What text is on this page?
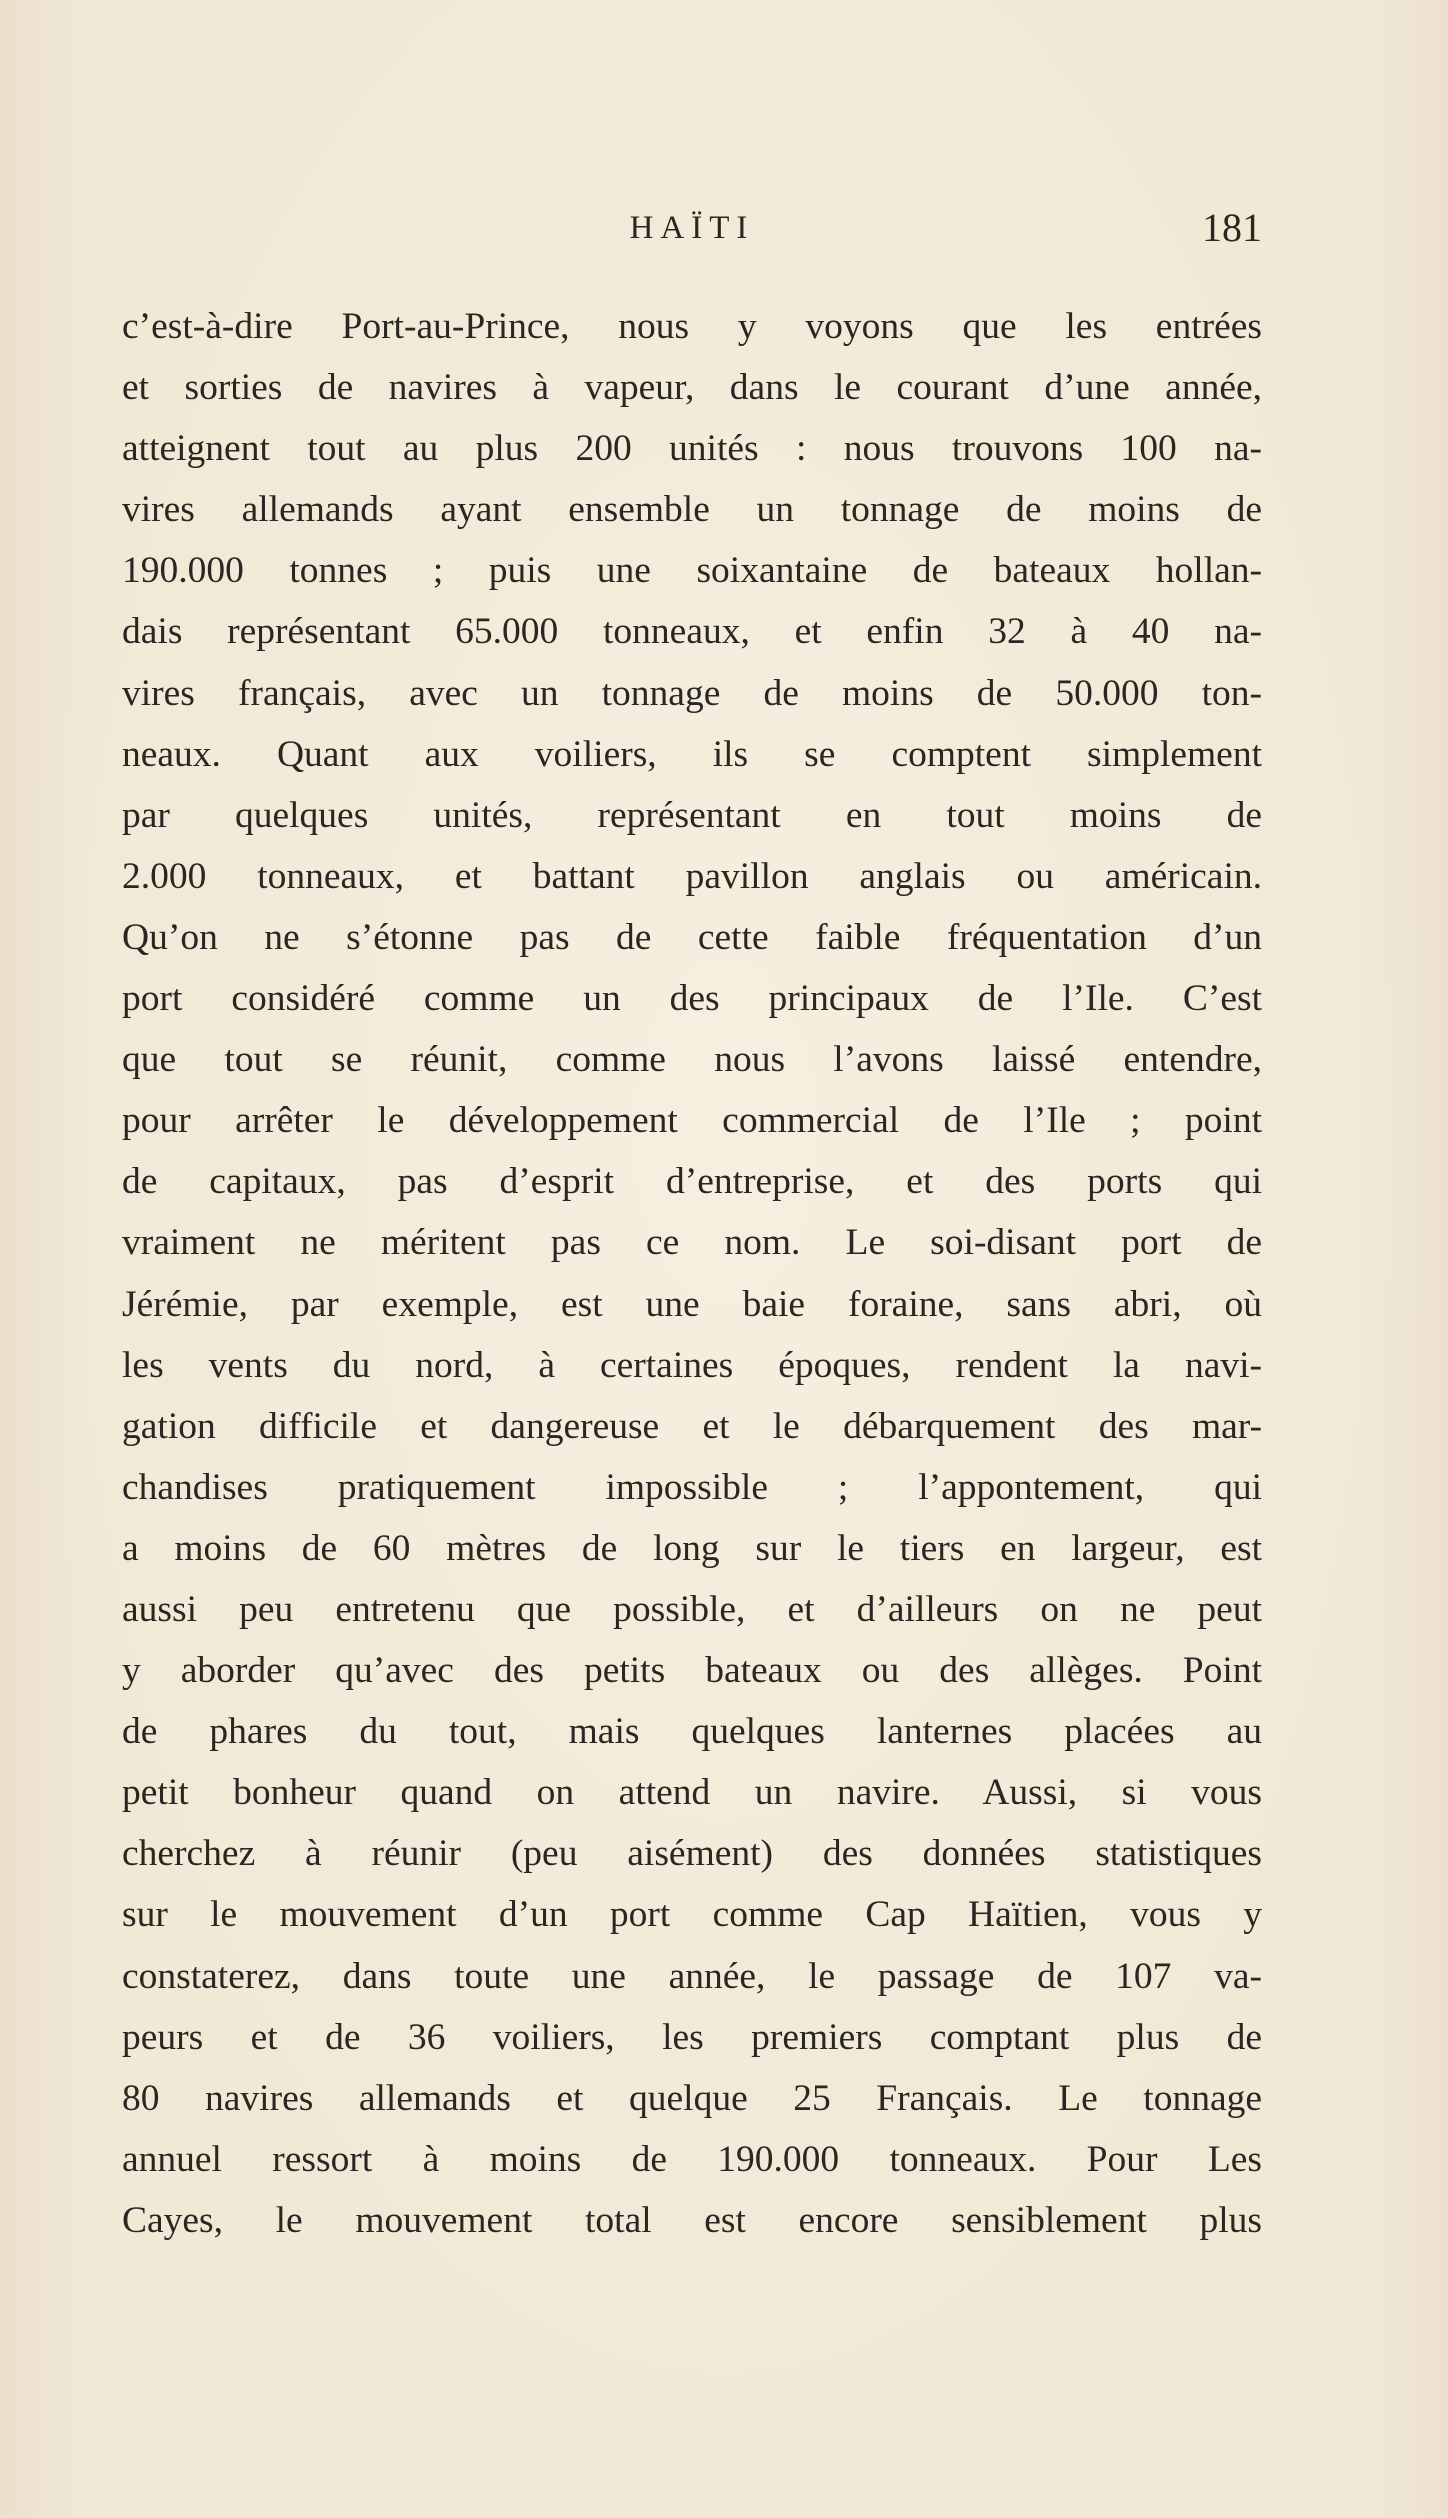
HAÏTI	181
c’est-à-dire Port-au-Prince, nous y voyons que les entrées
et sorties de navires à vapeur, dans le courant d’une année,
atteignent tout au plus 200 unités : nous trouvons 100 na-
vires allemands ayant ensemble un tonnage de moins de
190.000 tonnes ; puis une soixantaine de bateaux hollan-
dais représentant 65.000 tonneaux, et enfin 32 à 40 na-
vires français, avec un tonnage de moins de 50.000 ton-
neaux. Quant aux voiliers, ils se comptent simplement
par quelques unités, représentant en tout moins de
2.000 tonneaux, et battant pavillon anglais ou américain.
Qu’on ne s’étonne pas de cette faible fréquentation d’un
port considéré comme un des principaux de l’Ile. C’est
que tout se réunit, comme nous l’avons laissé entendre,
pour arrêter le développement commercial de l’Ile ; point
de capitaux, pas d’esprit d’entreprise, et des ports qui
vraiment ne méritent pas ce nom. Le soi-disant port de
Jérémie, par exemple, est une baie foraine, sans abri, où
les vents du nord, à certaines époques, rendent la navi-
gation difficile et dangereuse et le débarquement des mar-
chandises pratiquement impossible ; l’appontement, qui
a moins de 60 mètres de long sur le tiers en largeur, est
aussi peu entretenu que possible, et d’ailleurs on ne peut
y aborder qu’avec des petits bateaux ou des allèges. Point
de phares du tout, mais quelques lanternes placées au
petit bonheur quand on attend un navire. Aussi, si vous
cherchez à réunir (peu aisément) des données statistiques
sur le mouvement d’un port comme Cap Haïtien, vous y
constaterez, dans toute une année, le passage de 107 va-
peurs et de 36 voiliers, les premiers comptant plus de
80 navires allemands et quelque 25 Français. Le tonnage
annuel ressort à moins de 190.000 tonneaux. Pour Les
Cayes, le mouvement total est encore sensiblement plus
